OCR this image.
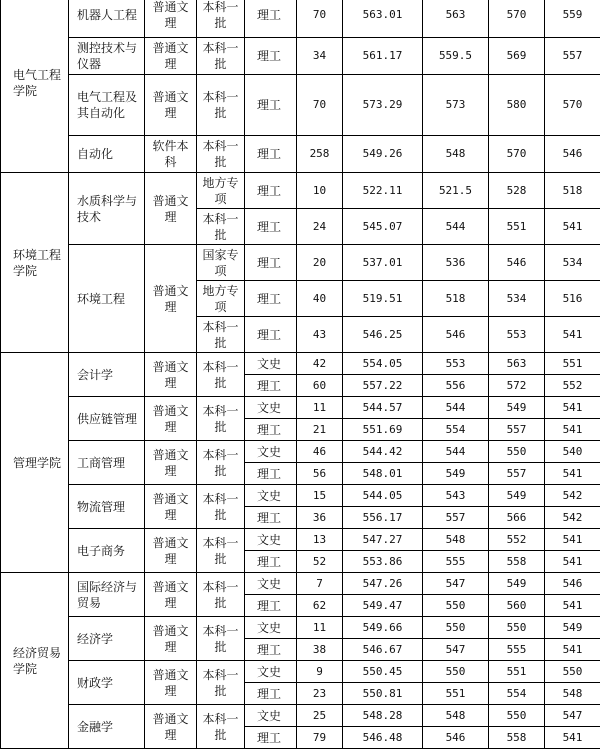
电气工程学院	机器人工程	普通文理	本科一批	理工	70	563.01	563	570	559
	测控技术与仪器	普通文理	本科一批	理工	34	561.17	559.5	569	557
	电气工程及其自动化	普通文理	本科一批	理工	70	573.29	573	580	570
	自动化	软件本科	本科一批	理工	258	549.26	548	570	546
环境工程学院	水质科学与技术	普通文理	地方专项	理工	10	522.11	521.5	528	518
			本科一批	理工	24	545.07	544	551	541
	环境工程	普通文理	国家专项	理工	20	537.01	536	546	534
			地方专项	理工	40	519.51	518	534	516
			本科一批	理工	43	546.25	546	553	541
管理学院	会计学	普通文理	本科一批	文史	42	554.05	553	563	551
				理工	60	557.22	556	572	552
	供应链管理	普通文理	本科一批	文史	11	544.57	544	549	541
				理工	21	551.69	554	557	541
	工商管理	普通文理	本科一批	文史	46	544.42	544	550	540
				理工	56	548.01	549	557	541
	物流管理	普通文理	本科一批	文史	15	544.05	543	549	542
				理工	36	556.17	557	566	542
	电子商务	普通文理	本科一批	文史	13	547.27	548	552	541
				理工	52	553.86	555	558	541
经济贸易学院	国际经济与贸易	普通文理	本科一批	文史	7	547.26	547	549	546
				理工	62	549.47	550	560	541
	经济学	普通文理	本科一批	文史	11	549.66	550	550	549
				理工	38	546.67	547	555	541
	财政学	普通文理	本科一批	文史	9	550.45	550	551	550
				理工	23	550.81	551	554	548
	金融学	普通文理	本科一批	文史	25	548.28	548	550	547
				理工	79	546.48	546	558	541
